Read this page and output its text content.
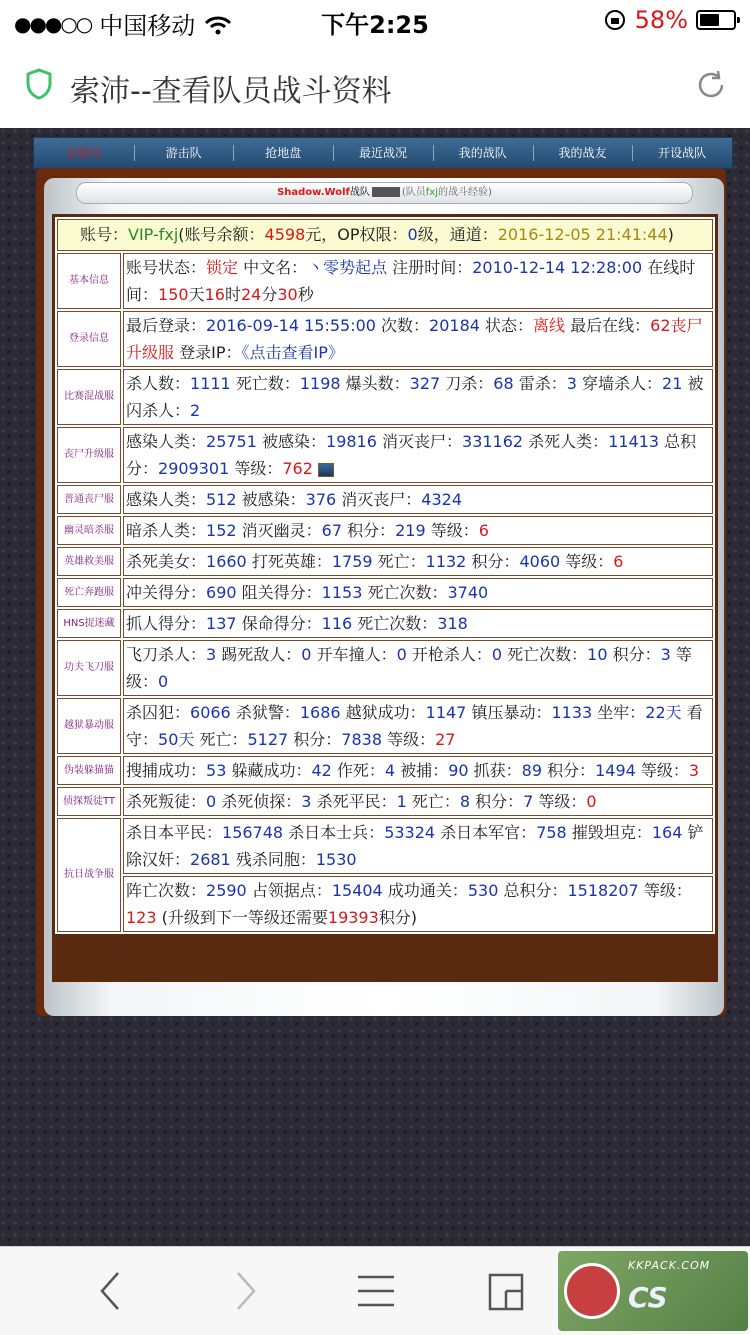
●●●○○ 中国移动	下午2:25	58%
索沛--查看队员战斗资料
正版号	游击队	抢地盘	最近战况	我的战队	我的战友	开设战队
Shadow.Wolf战队	(队员fxj的战斗经验)
账号：VIP-fxj(账号余额：4598元，OP权限：0级，通道：2016-12-05 21:41:44)	
基本信息	账号状态：锁定 中文名：丶零势起点 注册时间：2010-12-14 12:28:00 在线时间：150天16时24分30秒
登录信息	最后登录：2016-09-14 15:55:00 次数：20184 状态：离线 最后在线：62丧尸升级服 登录IP：《点击查看IP》
比赛混战服	杀人数：1111 死亡数：1198 爆头数：327 刀杀：68 雷杀：3 穿墙杀人：21 被闪杀人：2
丧尸升级服	感染人类：25751 被感染：19816 消灭丧尸：331162 杀死人类：11413 总积分：2909301 等级：762
普通丧尸服	感染人类：512 被感染：376 消灭丧尸：4324
幽灵暗杀服	暗杀人类：152 消灭幽灵：67 积分：219 等级：6
英雄救美服	杀死美女：1660 打死英雄：1759 死亡：1132 积分：4060 等级：6
死亡奔跑服	冲关得分：690 阻关得分：1153 死亡次数：3740
HNS捉迷藏	抓人得分：137 保命得分：116 死亡次数：318
功夫飞刀服	飞刀杀人：3 踢死敌人：0 开车撞人：0 开枪杀人：0 死亡次数：10 积分：3 等级：0
越狱暴动服	杀囚犯：6066 杀狱警：1686 越狱成功：1147 镇压暴动：1133 坐牢：22天 看守：50天 死亡：5127 积分：7838 等级：27
伪装躲猫猫	搜捕成功：53 躲藏成功：42 作死：4 被捕：90 抓获：89 积分：1494 等级：3
侦探叛徒TT	杀死叛徒：0 杀死侦探：3 杀死平民：1 死亡：8 积分：7 等级：0
抗日战争服	杀日本平民：156748 杀日本士兵：53324 杀日本军官：758 摧毁坦克：164 铲除汉奸：2681 残杀同胞：1530
	阵亡次数：2590 占领据点：15404 成功通关：530 总积分：1518207 等级：123 (升级到下一等级还需要19393积分)
KKPACK.COM
CS
